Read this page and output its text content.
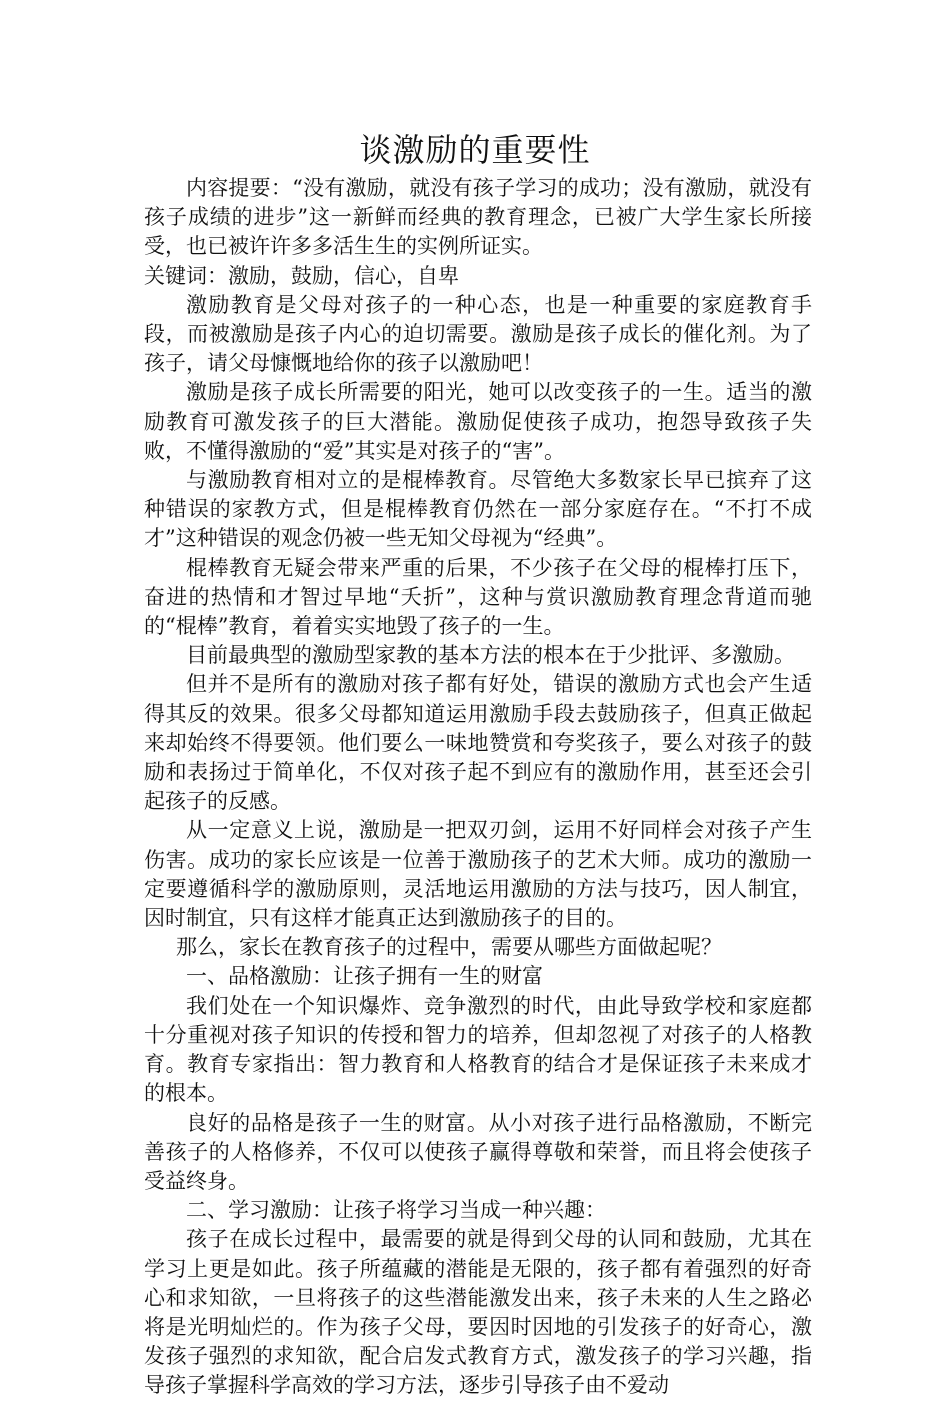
谈激励的重要性

内容提要：“没有激励，就没有孩子学习的成功；没有激励，就没有孩子成绩的进步”这一新鲜而经典的教育理念，已被广大学生家长所接受，也已被许许多多活生生的实例所证实。

关键词：激励，鼓励，信心，自卑

激励教育是父母对孩子的一种心态，也是一种重要的家庭教育手段，而被激励是孩子内心的迫切需要。激励是孩子成长的催化剂。为了孩子，请父母慷慨地给你的孩子以激励吧！

激励是孩子成长所需要的阳光，她可以改变孩子的一生。适当的激励教育可激发孩子的巨大潜能。激励促使孩子成功，抱怨导致孩子失败，不懂得激励的“爱”其实是对孩子的“害”。

与激励教育相对立的是棍棒教育。尽管绝大多数家长早已摈弃了这种错误的家教方式，但是棍棒教育仍然在一部分家庭存在。“不打不成才”这种错误的观念仍被一些无知父母视为“经典”。

棍棒教育无疑会带来严重的后果，不少孩子在父母的棍棒打压下，奋进的热情和才智过早地“夭折”，这种与赏识激励教育理念背道而驰的“棍棒”教育，着着实实地毁了孩子的一生。

目前最典型的激励型家教的基本方法的根本在于少批评、多激励。

但并不是所有的激励对孩子都有好处，错误的激励方式也会产生适得其反的效果。很多父母都知道运用激励手段去鼓励孩子，但真正做起来却始终不得要领。他们要么一味地赞赏和夸奖孩子，要么对孩子的鼓励和表扬过于简单化，不仅对孩子起不到应有的激励作用，甚至还会引起孩子的反感。

从一定意义上说，激励是一把双刃剑，运用不好同样会对孩子产生伤害。成功的家长应该是一位善于激励孩子的艺术大师。成功的激励一定要遵循科学的激励原则，灵活地运用激励的方法与技巧，因人制宜，因时制宜，只有这样才能真正达到激励孩子的目的。

那么，家长在教育孩子的过程中，需要从哪些方面做起呢？

一、品格激励：让孩子拥有一生的财富

我们处在一个知识爆炸、竞争激烈的时代，由此导致学校和家庭都十分重视对孩子知识的传授和智力的培养，但却忽视了对孩子的人格教育。教育专家指出：智力教育和人格教育的结合才是保证孩子未来成才的根本。

良好的品格是孩子一生的财富。从小对孩子进行品格激励，不断完善孩子的人格修养，不仅可以使孩子赢得尊敬和荣誉，而且将会使孩子受益终身。

二、学习激励：让孩子将学习当成一种兴趣：

孩子在成长过程中，最需要的就是得到父母的认同和鼓励，尤其在学习上更是如此。孩子所蕴藏的潜能是无限的，孩子都有着强烈的好奇心和求知欲，一旦将孩子的这些潜能激发出来，孩子未来的人生之路必将是光明灿烂的。作为孩子父母，要因时因地的引发孩子的好奇心，激发孩子强烈的求知欲，配合启发式教育方式，激发孩子的学习兴趣，指导孩子掌握科学高效的学习方法，逐步引导孩子由不爱动
